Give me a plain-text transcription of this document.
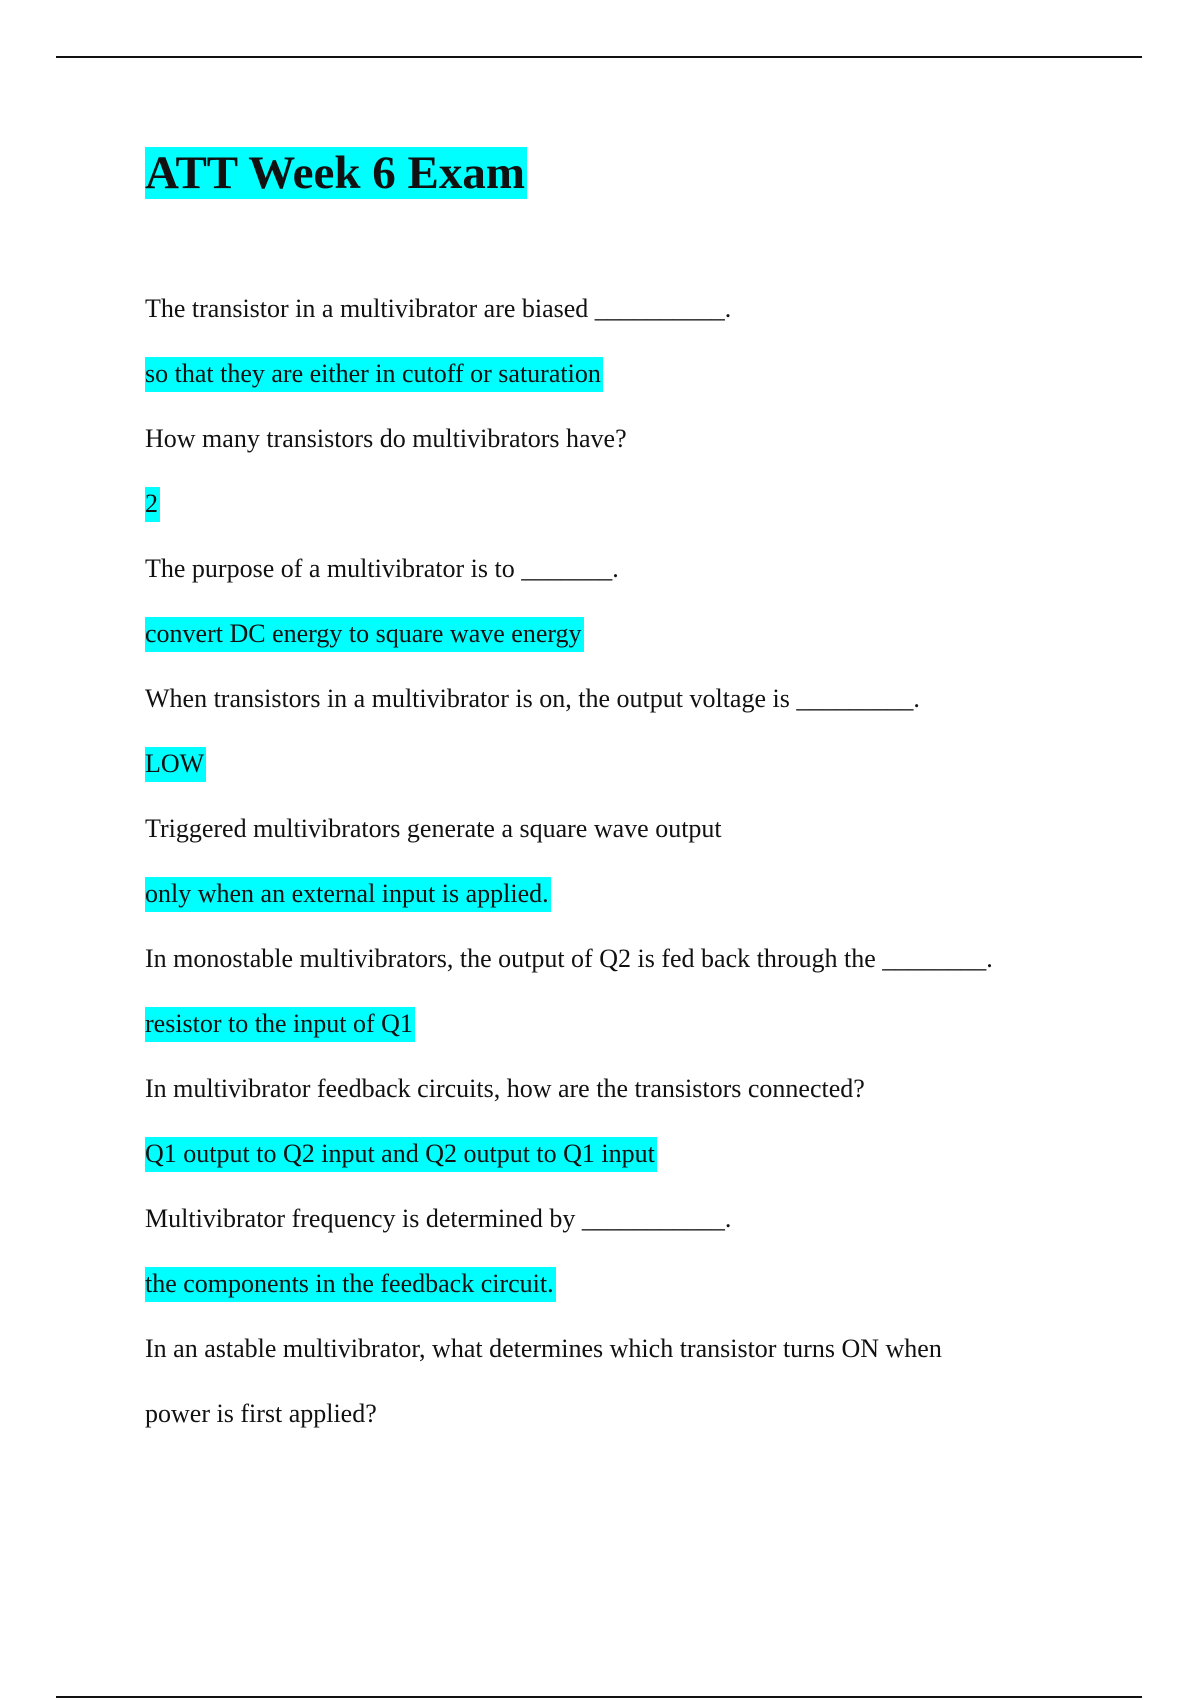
ATT Week 6 Exam
The transistor in a multivibrator are biased __________.
so that they are either in cutoff or saturation
How many transistors do multivibrators have?
2
The purpose of a multivibrator is to _______.
convert DC energy to square wave energy
When transistors in a multivibrator is on, the output voltage is _________.
LOW
Triggered multivibrators generate a square wave output
only when an external input is applied.
In monostable multivibrators, the output of Q2 is fed back through the ________.
resistor to the input of Q1
In multivibrator feedback circuits, how are the transistors connected?
Q1 output to Q2 input and Q2 output to Q1 input
Multivibrator frequency is determined by ___________.
the components in the feedback circuit.
In an astable multivibrator, what determines which transistor turns ON when
power is first applied?
